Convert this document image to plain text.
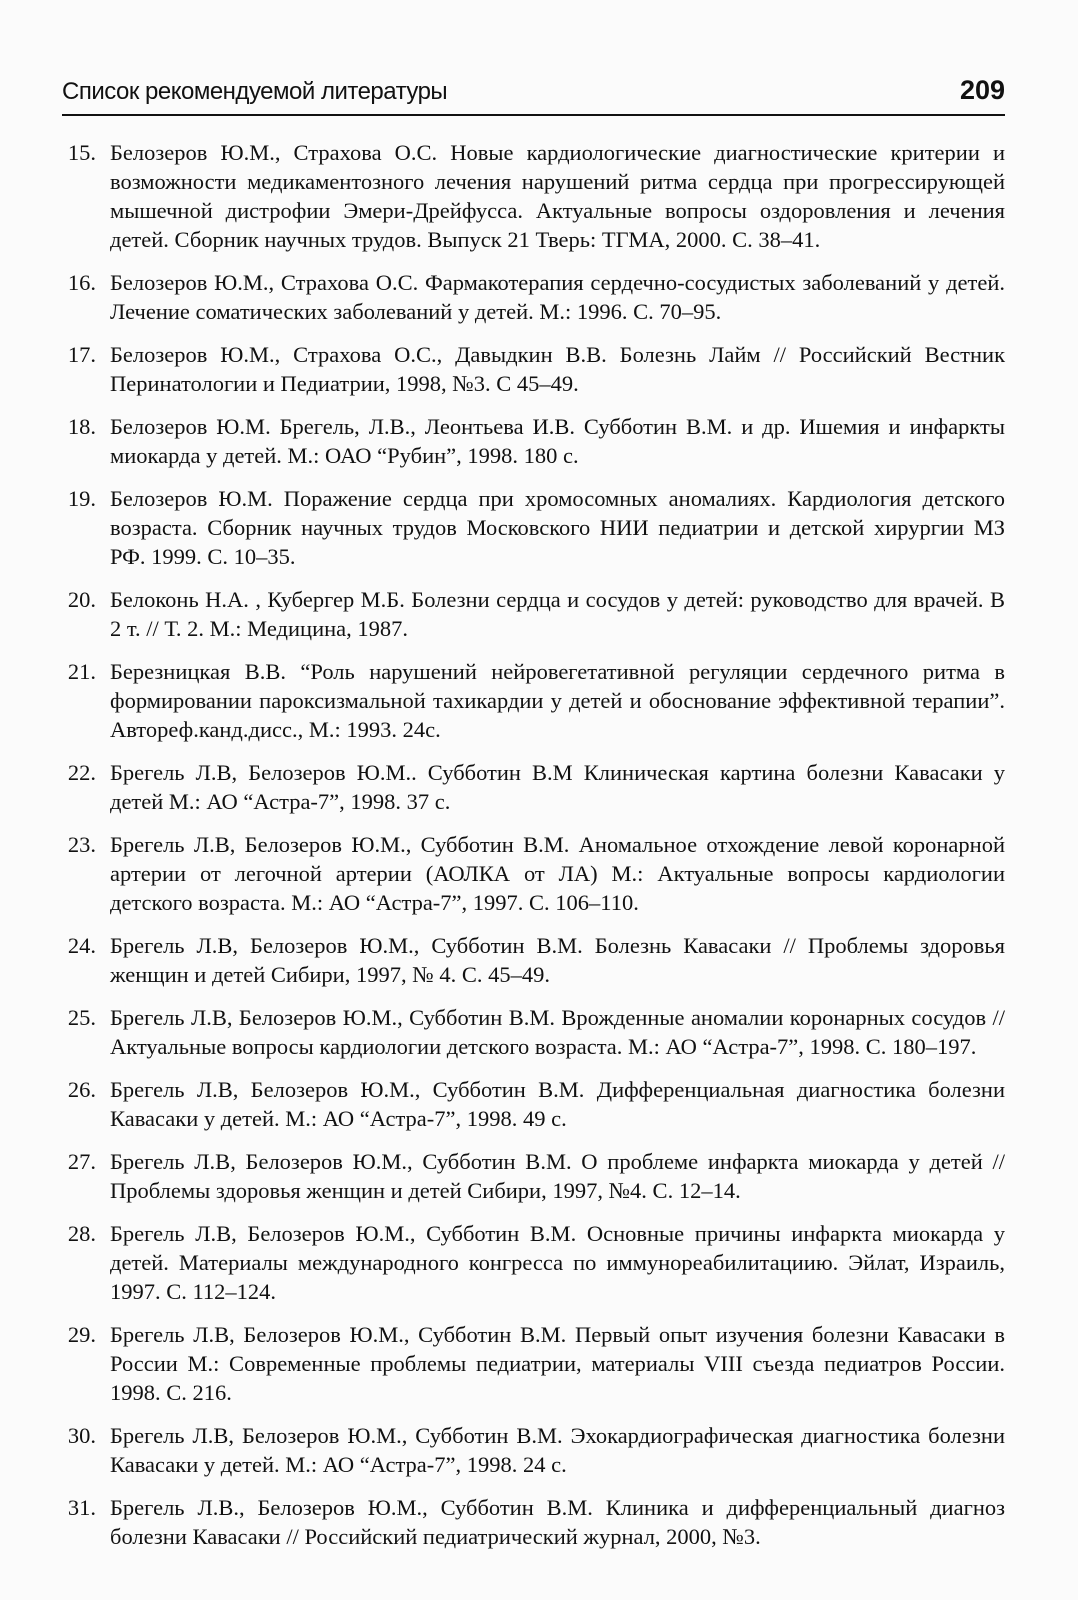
Список рекомендуемой литературы	209
15. Белозеров Ю.М., Страхова О.С. Новые кардиологические диагностические критерии и возможности медикаментозного лечения нарушений ритма сердца при прогрессирующей мышечной дистрофии Эмери-Дрейфусса. Актуальные вопросы оздоровления и лечения детей. Сборник научных трудов. Выпуск 21 Тверь: ТГМА, 2000. С. 38–41.
16. Белозеров Ю.М., Страхова О.С. Фармакотерапия сердечно-сосудистых заболеваний у детей. Лечение соматических заболеваний у детей. М.: 1996. С. 70–95.
17. Белозеров Ю.М., Страхова О.С., Давыдкин В.В. Болезнь Лайм // Российский Вестник Перинатологии и Педиатрии, 1998, №3. С 45–49.
18. Белозеров Ю.М. Брегель, Л.В., Леонтьева И.В. Субботин В.М. и др. Ишемия и инфаркты миокарда у детей. М.: ОАО “Рубин”, 1998. 180 с.
19. Белозеров Ю.М. Поражение сердца при хромосомных аномалиях. Кардиология детского возраста. Сборник научных трудов Московского НИИ педиатрии и детской хирургии МЗ РФ. 1999. С. 10–35.
20. Белоконь Н.А. , Кубергер М.Б. Болезни сердца и сосудов у детей: руководство для врачей. В 2 т. // Т. 2. М.: Медицина, 1987.
21. Березницкая В.В. “Роль нарушений нейровегетативной регуляции сердечного ритма в формировании пароксизмальной тахикардии у детей и обоснование эффективной терапии”. Автореф.канд.дисс., М.: 1993. 24с.
22. Брегель Л.В, Белозеров Ю.М.. Субботин В.М Клиническая картина болезни Кавасаки у детей М.: АО “Астра-7”, 1998. 37 с.
23. Брегель Л.В, Белозеров Ю.М., Субботин В.М. Аномальное отхождение левой коронарной артерии от легочной артерии (АОЛКА от ЛА) М.: Актуальные вопросы кардиологии детского возраста. М.: АО “Астра-7”, 1997. С. 106–110.
24. Брегель Л.В, Белозеров Ю.М., Субботин В.М. Болезнь Кавасаки // Проблемы здоровья женщин и детей Сибири, 1997, № 4. С. 45–49.
25. Брегель Л.В, Белозеров Ю.М., Субботин В.М. Врожденные аномалии коронарных сосудов // Актуальные вопросы кардиологии детского возраста. М.: АО “Астра-7”, 1998. С. 180–197.
26. Брегель Л.В, Белозеров Ю.М., Субботин В.М. Дифференциальная диагностика болезни Кавасаки у детей. М.: АО “Астра-7”, 1998. 49 с.
27. Брегель Л.В, Белозеров Ю.М., Субботин В.М. О проблеме инфаркта миокарда у детей // Проблемы здоровья женщин и детей Сибири, 1997, №4. С. 12–14.
28. Брегель Л.В, Белозеров Ю.М., Субботин В.М. Основные причины инфаркта миокарда у детей. Материалы международного конгресса по иммунореабилитациию. Эйлат, Израиль, 1997. С. 112–124.
29. Брегель Л.В, Белозеров Ю.М., Субботин В.М. Первый опыт изучения болезни Кавасаки в России М.: Современные проблемы педиатрии, материалы VIII съезда педиатров России. 1998. С. 216.
30. Брегель Л.В, Белозеров Ю.М., Субботин В.М. Эхокардиографическая диагностика болезни Кавасаки у детей. М.: АО “Астра-7”, 1998. 24 с.
31. Брегель Л.В., Белозеров Ю.М., Субботин В.М. Клиника и дифференциальный диагноз болезни Кавасаки // Российский педиатрический журнал, 2000, №3.
